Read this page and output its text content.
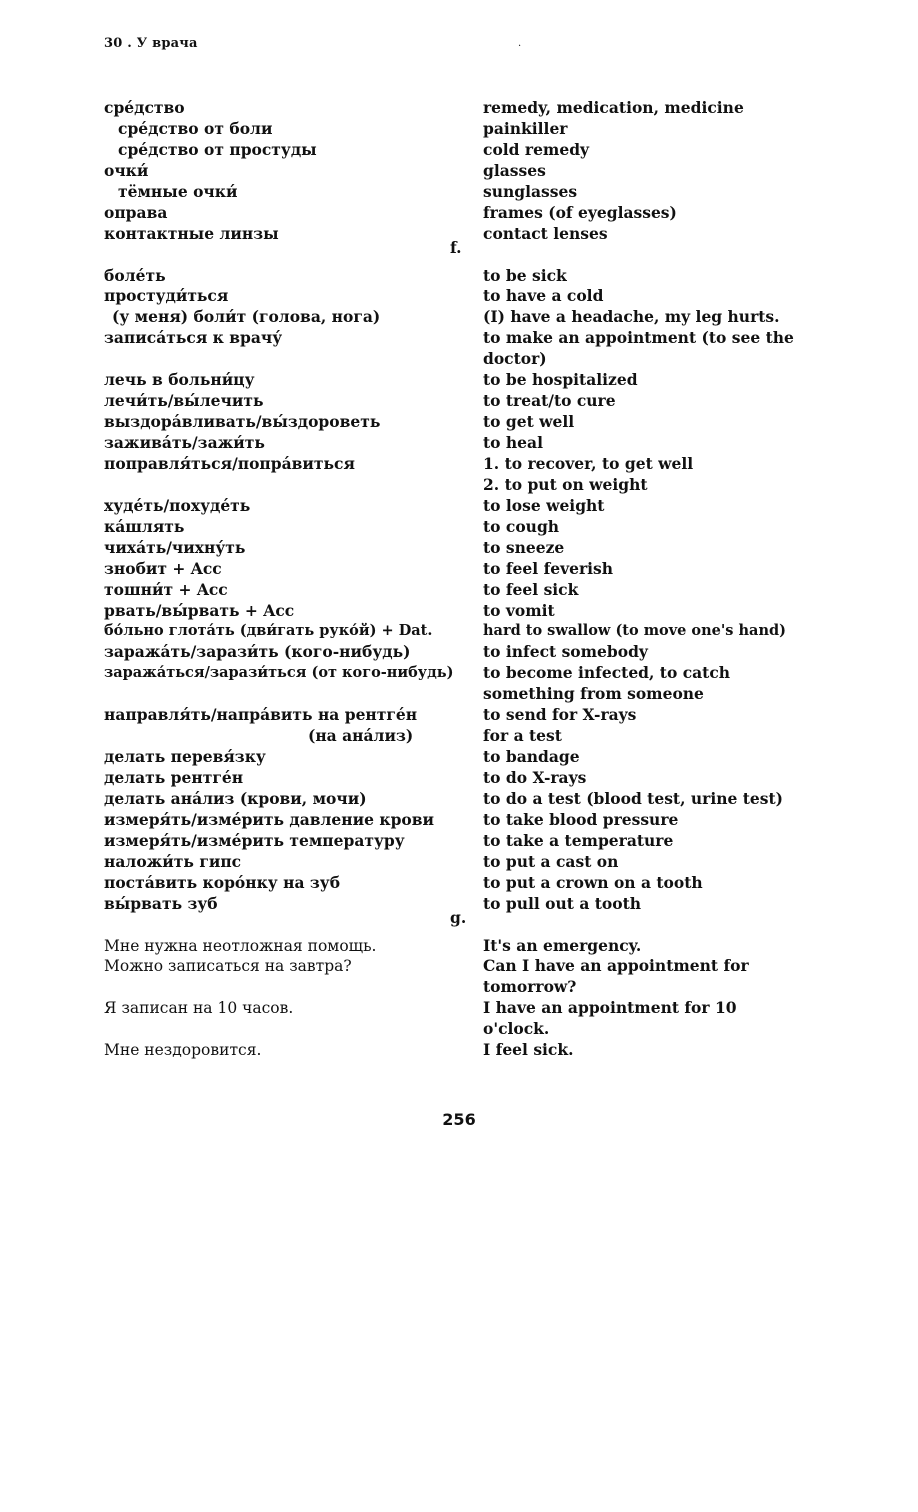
30 . У врача	.
сре́дство	remedy, medication, medicine
сре́дство от боли	painkiller
сре́дство от простуды	cold remedy
очки́	glasses
тёмные очки́	sunglasses
оправа	frames (of eyeglasses)
контактные линзы	contact lenses
f.
боле́ть	to be sick
простуди́ться	to have a cold
(у меня) боли́т (голова, нога)	(I) have a headache, my leg hurts.
записа́ться к врачу́	to make an appointment (to see the
doctor)
лечь в больни́цу	to be hospitalized
лечи́ть/вы́лечить	to treat/to cure
выздора́вливать/вы́здороветь	to get well
зажива́ть/зажи́ть	to heal
поправля́ться/попра́виться	1. to recover, to get well
2. to put on weight
худе́ть/похуде́ть	to lose weight
ка́шлять	to cough
чиха́ть/чихну́ть	to sneeze
знобит + Acc	to feel feverish
тошни́т + Acc	to feel sick
рвать/вы́рвать + Acc	to vomit
бо́льно глота́ть (дви́гать руко́й) + Dat.	hard to swallow (to move one's hand)
заража́ть/зарази́ть (кого-нибудь)	to infect somebody
заража́ться/зарази́ться (от кого-нибудь) to become infected, to catch
something from someone
направля́ть/напра́вить на рентге́н	to send for X-rays
(на ана́лиз)	for a test
делать перевя́зку	to bandage
делать рентге́н	to do X-rays
делать ана́лиз (крови, мочи)	to do a test (blood test, urine test)
измеря́ть/изме́рить давление крови	to take blood pressure
измеря́ть/изме́рить температуру	to take a temperature
наложи́ть гипс	to put a cast on
поста́вить коро́нку на зуб	to put a crown on a tooth
вы́рвать зуб	to pull out a tooth
g.
Мне нужна неотложная помощь.	It's an emergency.
Можно записаться на завтра?	Can I have an appointment for
tomorrow?
Я записан на 10 часов.	I have an appointment for 10
o'clock.
Мне нездоровится.	I feel sick.
256
